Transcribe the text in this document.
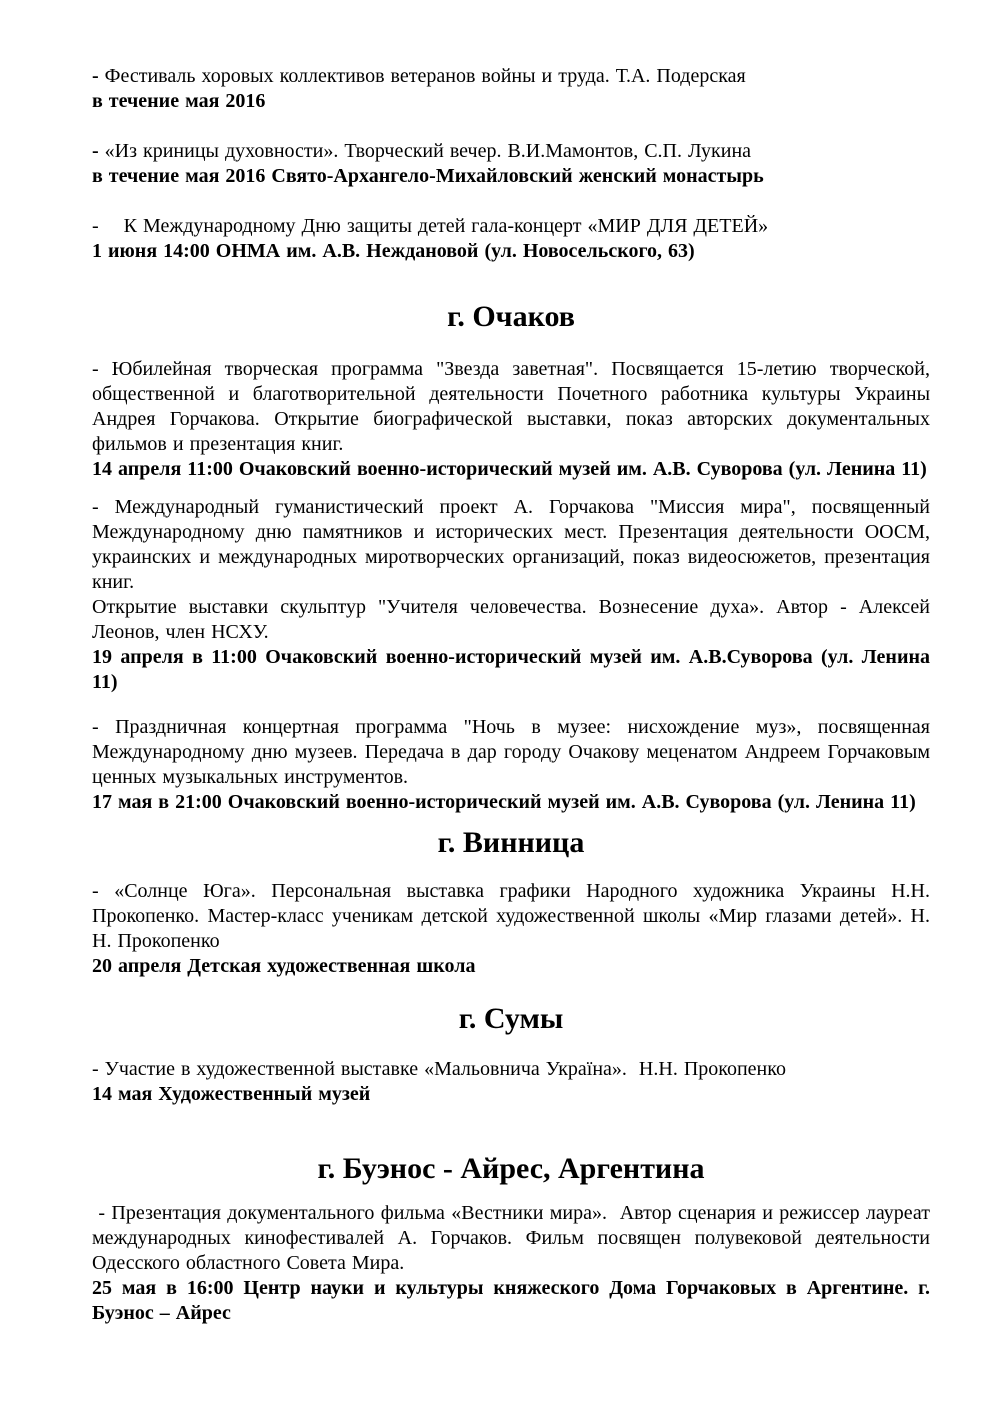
- Фестиваль хоровых коллективов ветеранов войны и труда. Т.А. Подерская

в течение мая 2016

- «Из криницы духовности». Творческий вечер. В.И.Мамонтов, С.П. Лукина

в течение мая 2016 Свято-Архангело-Михайловский женский монастырь

- К Международному Дню защиты детей гала-концерт «МИР ДЛЯ ДЕТЕЙ»

1 июня 14:00 ОНМА им. А.В. Неждановой (ул. Новосельского, 63)

г. Очаков

- Юбилейная творческая программа "Звезда заветная". Посвящается 15-летию творческой, общественной и благотворительной деятельности Почетного работника культуры Украины Андрея Горчакова. Открытие биографической выставки, показ авторских документальных фильмов и презентация книг.

14 апреля 11:00 Очаковский военно-исторический музей им. А.В. Суворова (ул. Ленина 11)

- Международный гуманистический проект А. Горчакова "Миссия мира", посвященный Международному дню памятников и исторических мест. Презентация деятельности ООСМ, украинских и международных миротворческих организаций, показ видеосюжетов, презентация книг.

Открытие выставки скульптур "Учителя человечества. Вознесение духа». Автор - Алексей Леонов, член НСХУ.

19 апреля в 11:00 Очаковский военно-исторический музей им. А.В.Суворова (ул. Ленина 11)

- Праздничная концертная программа "Ночь в музее: нисхождение муз», посвященная Международному дню музеев. Передача в дар городу Очакову меценатом Андреем Горчаковым ценных музыкальных инструментов.

17 мая в 21:00 Очаковский военно-исторический музей им. А.В. Суворова (ул. Ленина 11)

г. Винница

- «Солнце Юга». Персональная выставка графики Народного художника Украины Н.Н. Прокопенко. Мастер-класс ученикам детской художественной школы «Мир глазами детей». Н. Н. Прокопенко

20 апреля Детская художественная школа

г. Сумы

- Участие в художественной выставке «Мальовнича Україна».  Н.Н. Прокопенко

14 мая Художественный музей

г. Буэнос - Айрес, Аргентина

- Презентация документального фильма «Вестники мира».  Автор сценария и режиссер лауреат международных кинофестивалей А. Горчаков. Фильм посвящен полувековой деятельности Одесского областного Совета Мира.

25 мая в 16:00 Центр науки и культуры княжеского Дома Горчаковых в Аргентине. г. Буэнос – Айрес
